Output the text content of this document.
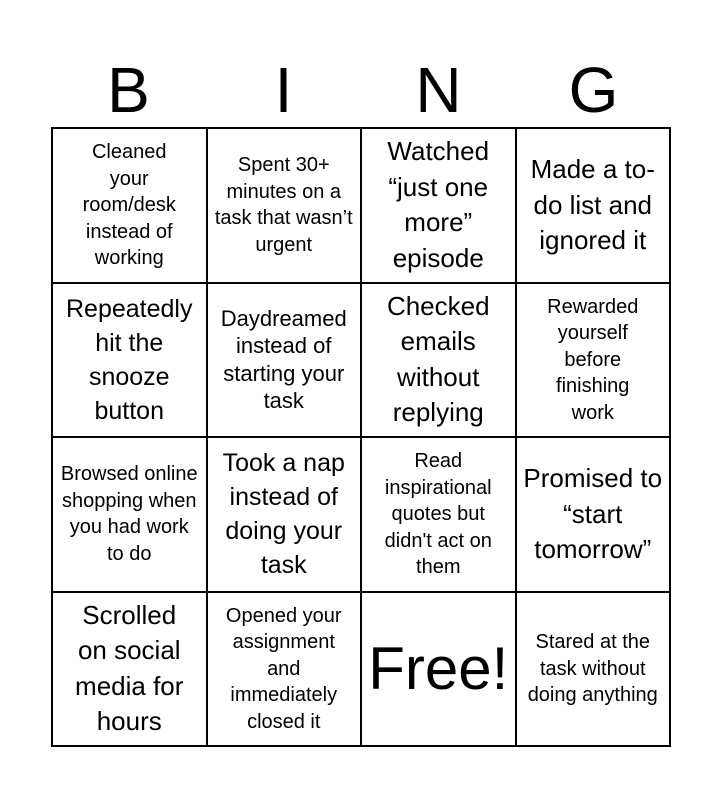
B	I	N	G
Cleaned your room/desk instead of working
Spent 30+ minutes on a task that wasn’t urgent
Watched “just one more” episode
Made a to-do list and ignored it
Repeatedly hit the snooze button
Daydreamed instead of starting your task
Checked emails without replying
Rewarded yourself before finishing work
Browsed online shopping when you had work to do
Took a nap instead of doing your task
Read inspirational quotes but didn't act on them
Promised to “start tomorrow”
Scrolled on social media for hours
Opened your assignment and immediately closed it
Free!	Stared at the task without doing anything
